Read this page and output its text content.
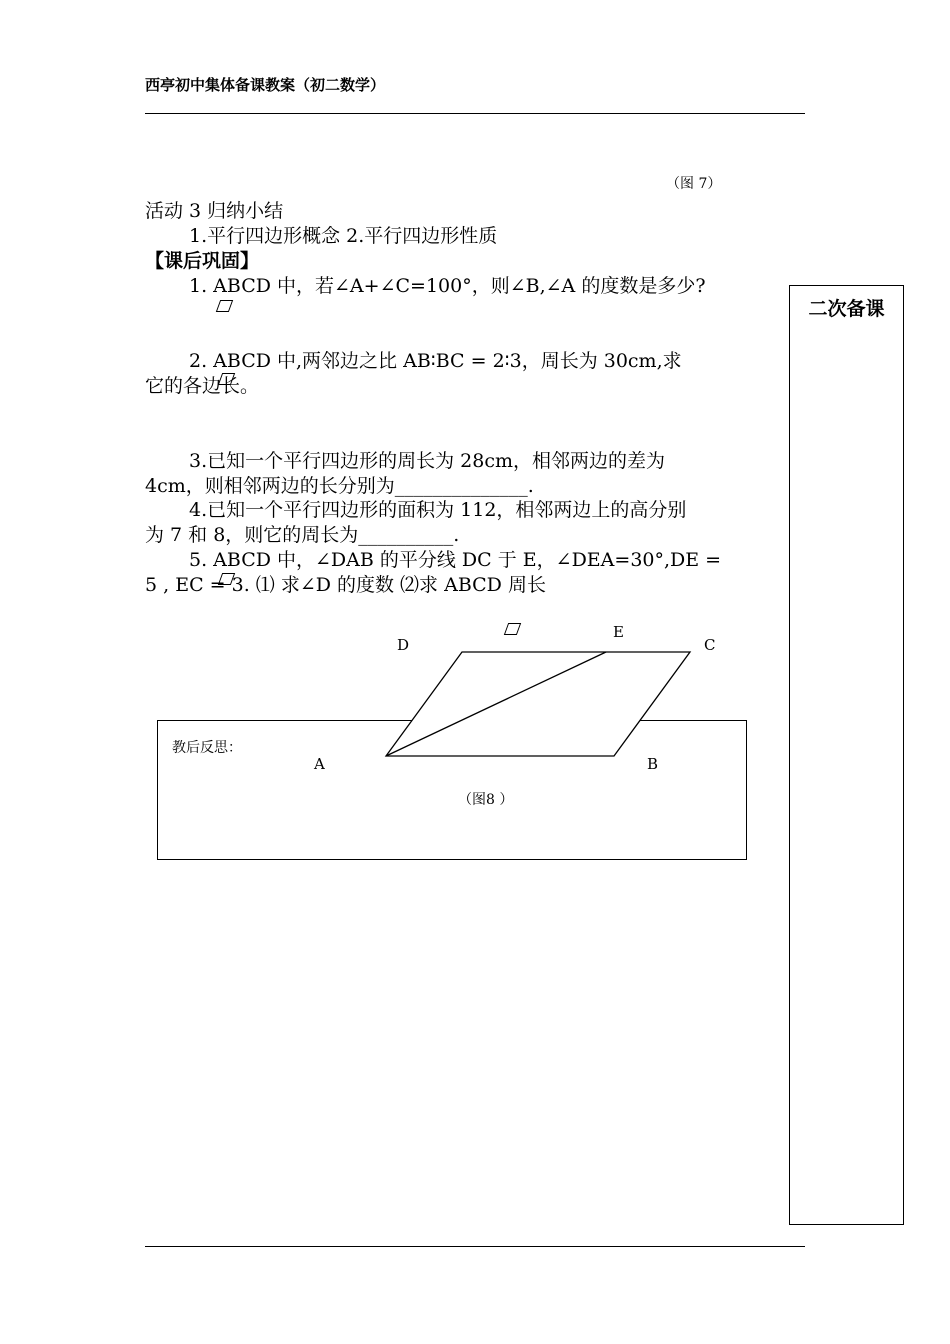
西亭初中集体备课教案（初二数学）
（图 7）
活动 3 归纳小结
1.平行四边形概念 2.平行四边形性质
【课后巩固】
1. ABCD 中，若∠A+∠C=100°，则∠B,∠A 的度数是多少?
2. ABCD 中,两邻边之比 AB∶BC = 2∶3，周长为 30cm,求
它的各边长。
3.已知一个平行四边形的周长为 28cm，相邻两边的差为
4cm，则相邻两边的长分别为______________.
4.已知一个平行四边形的面积为 112，相邻两边上的高分别
为 7 和 8，则它的周长为__________.
5. ABCD 中，∠DAB 的平分线 DC 于 E，∠DEA=30°,DE =
5 , EC = 3. ⑴ 求∠D 的度数 ⑵求 ABCD 周长
二次备课
教后反思：
D
E
C
A	B
（图8 ）
